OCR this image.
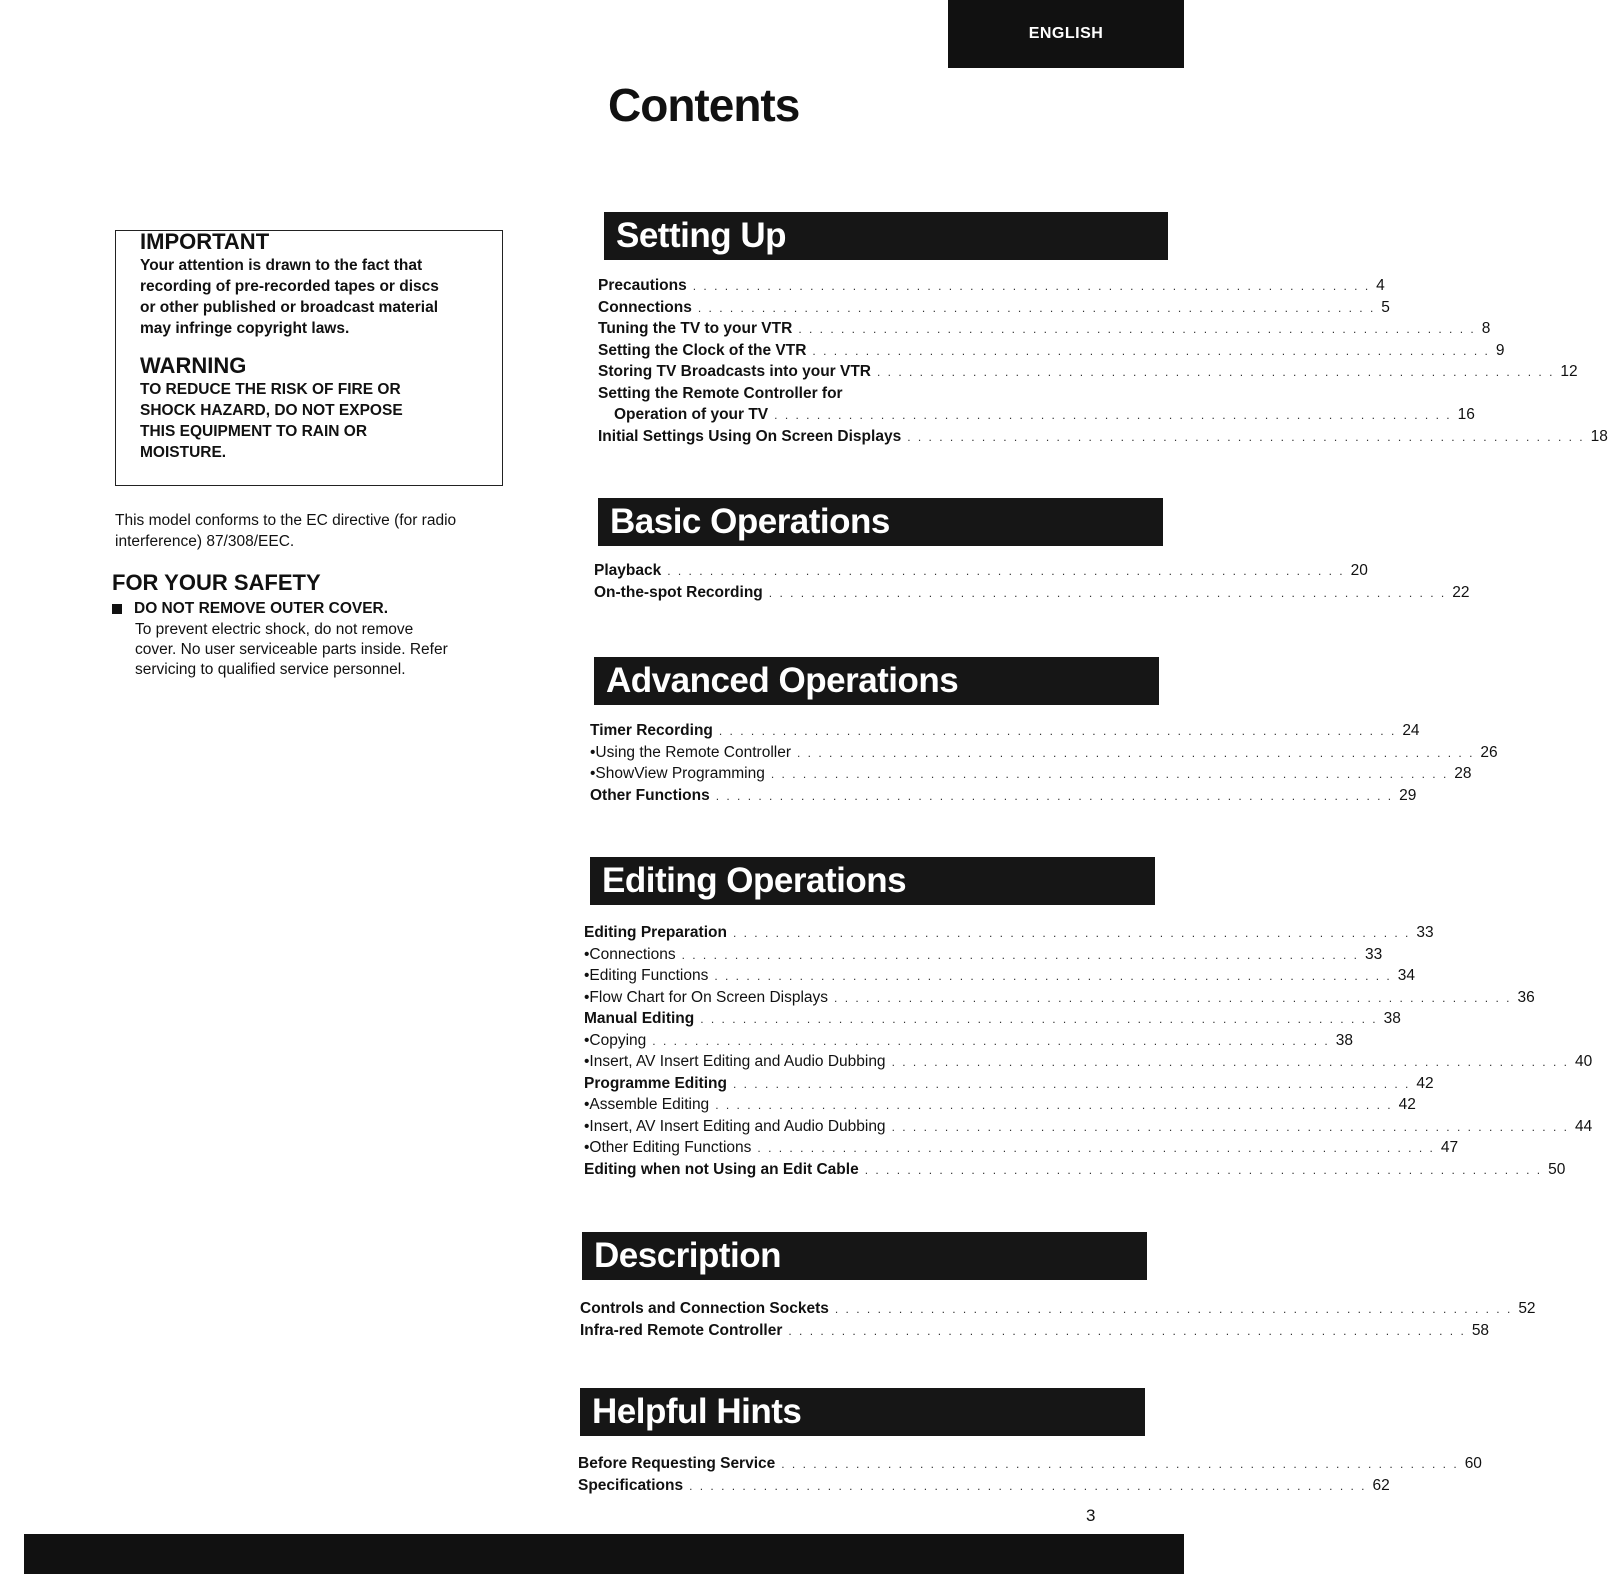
ENGLISH
Contents
IMPORTANT

Your attention is drawn to the fact that

recording of pre-recorded tapes or discs

or other published or broadcast material

may infringe copyright laws.

WARNING

TO REDUCE THE RISK OF FIRE OR

SHOCK HAZARD, DO NOT EXPOSE

THIS EQUIPMENT TO RAIN OR

MOISTURE.

This model conforms to the EC directive (for radio
interference) 87/308/EEC.

FOR YOUR SAFETY
DO NOT REMOVE OUTER COVER.
To prevent electric shock, do not remove
cover. No user serviceable parts inside. Refer
servicing to qualified service personnel.
Setting Up
Precautions . . . . . . . . . . . . . . . . . . . . . . . . . . . . . . . . . . . . . . . . . . . . . . . . . . . . . . . . . . . . . . . . 4
Connections . . . . . . . . . . . . . . . . . . . . . . . . . . . . . . . . . . . . . . . . . . . . . . . . . . . . . . . . . . . . . . . . 5
Tuning the TV to your VTR . . . . . . . . . . . . . . . . . . . . . . . . . . . . . . . . . . . . . . . . . . . . . . . . . . . . . . . . . . . . . . . . 8
Setting the Clock of the VTR . . . . . . . . . . . . . . . . . . . . . . . . . . . . . . . . . . . . . . . . . . . . . . . . . . . . . . . . . . . . . . . . 9
Storing TV Broadcasts into your VTR . . . . . . . . . . . . . . . . . . . . . . . . . . . . . . . . . . . . . . . . . . . . . . . . . . . . . . . . . . . . . . . . 12
Setting the Remote Controller for
Operation of your TV . . . . . . . . . . . . . . . . . . . . . . . . . . . . . . . . . . . . . . . . . . . . . . . . . . . . . . . . . . . . . . . . 16
Initial Settings Using On Screen Displays . . . . . . . . . . . . . . . . . . . . . . . . . . . . . . . . . . . . . . . . . . . . . . . . . . . . . . . . . . . . . . . . 18
Basic Operations
Playback . . . . . . . . . . . . . . . . . . . . . . . . . . . . . . . . . . . . . . . . . . . . . . . . . . . . . . . . . . . . . . . . 20
On-the-spot Recording . . . . . . . . . . . . . . . . . . . . . . . . . . . . . . . . . . . . . . . . . . . . . . . . . . . . . . . . . . . . . . . . 22
Advanced Operations
Timer Recording . . . . . . . . . . . . . . . . . . . . . . . . . . . . . . . . . . . . . . . . . . . . . . . . . . . . . . . . . . . . . . . . 24
•Using the Remote Controller . . . . . . . . . . . . . . . . . . . . . . . . . . . . . . . . . . . . . . . . . . . . . . . . . . . . . . . . . . . . . . . . 26
•ShowView Programming . . . . . . . . . . . . . . . . . . . . . . . . . . . . . . . . . . . . . . . . . . . . . . . . . . . . . . . . . . . . . . . . 28
Other Functions . . . . . . . . . . . . . . . . . . . . . . . . . . . . . . . . . . . . . . . . . . . . . . . . . . . . . . . . . . . . . . . . 29
Editing Operations
Editing Preparation . . . . . . . . . . . . . . . . . . . . . . . . . . . . . . . . . . . . . . . . . . . . . . . . . . . . . . . . . . . . . . . . 33
•Connections . . . . . . . . . . . . . . . . . . . . . . . . . . . . . . . . . . . . . . . . . . . . . . . . . . . . . . . . . . . . . . . . 33
•Editing Functions . . . . . . . . . . . . . . . . . . . . . . . . . . . . . . . . . . . . . . . . . . . . . . . . . . . . . . . . . . . . . . . . 34
•Flow Chart for On Screen Displays . . . . . . . . . . . . . . . . . . . . . . . . . . . . . . . . . . . . . . . . . . . . . . . . . . . . . . . . . . . . . . . . 36
Manual Editing . . . . . . . . . . . . . . . . . . . . . . . . . . . . . . . . . . . . . . . . . . . . . . . . . . . . . . . . . . . . . . . . 38
•Copying . . . . . . . . . . . . . . . . . . . . . . . . . . . . . . . . . . . . . . . . . . . . . . . . . . . . . . . . . . . . . . . . 38
•Insert, AV Insert Editing and Audio Dubbing . . . . . . . . . . . . . . . . . . . . . . . . . . . . . . . . . . . . . . . . . . . . . . . . . . . . . . . . . . . . . . . . 40
Programme Editing . . . . . . . . . . . . . . . . . . . . . . . . . . . . . . . . . . . . . . . . . . . . . . . . . . . . . . . . . . . . . . . . 42
•Assemble Editing . . . . . . . . . . . . . . . . . . . . . . . . . . . . . . . . . . . . . . . . . . . . . . . . . . . . . . . . . . . . . . . . 42
•Insert, AV Insert Editing and Audio Dubbing . . . . . . . . . . . . . . . . . . . . . . . . . . . . . . . . . . . . . . . . . . . . . . . . . . . . . . . . . . . . . . . . 44
•Other Editing Functions . . . . . . . . . . . . . . . . . . . . . . . . . . . . . . . . . . . . . . . . . . . . . . . . . . . . . . . . . . . . . . . . 47
Editing when not Using an Edit Cable . . . . . . . . . . . . . . . . . . . . . . . . . . . . . . . . . . . . . . . . . . . . . . . . . . . . . . . . . . . . . . . . 50
Description
Controls and Connection Sockets . . . . . . . . . . . . . . . . . . . . . . . . . . . . . . . . . . . . . . . . . . . . . . . . . . . . . . . . . . . . . . . . 52
Infra-red Remote Controller . . . . . . . . . . . . . . . . . . . . . . . . . . . . . . . . . . . . . . . . . . . . . . . . . . . . . . . . . . . . . . . . 58
Helpful Hints
Before Requesting Service . . . . . . . . . . . . . . . . . . . . . . . . . . . . . . . . . . . . . . . . . . . . . . . . . . . . . . . . . . . . . . . . 60
Specifications . . . . . . . . . . . . . . . . . . . . . . . . . . . . . . . . . . . . . . . . . . . . . . . . . . . . . . . . . . . . . . . . 62

3
